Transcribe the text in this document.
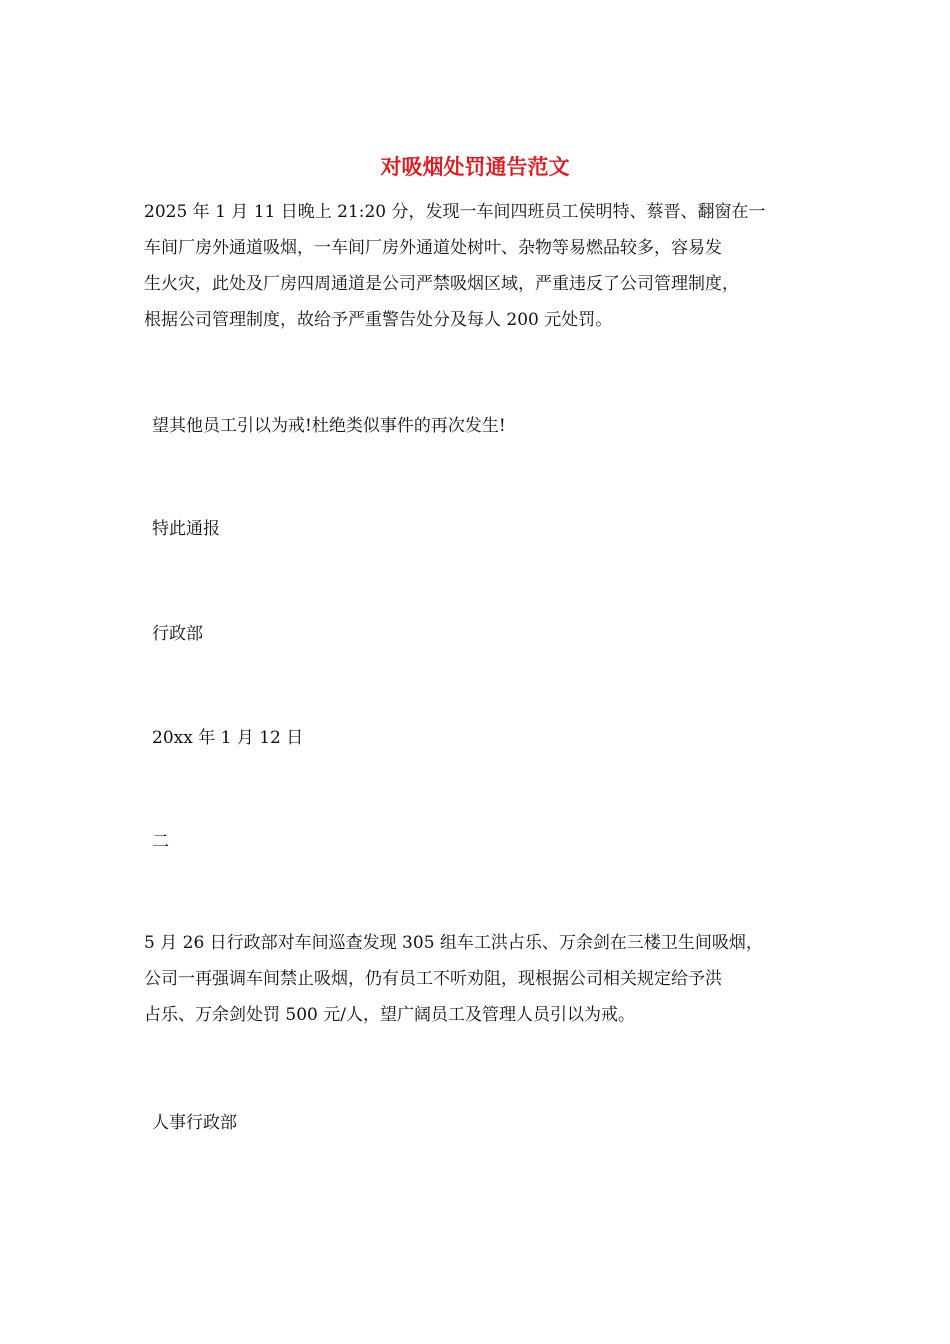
对吸烟处罚通告范文
2025 年 1 月 11 日晚上 21:20 分，发现一车间四班员工侯明特、蔡晋、翻窗在一
车间厂房外通道吸烟，一车间厂房外通道处树叶、杂物等易燃品较多，容易发
生火灾，此处及厂房四周通道是公司严禁吸烟区域，严重违反了公司管理制度，
根据公司管理制度，故给予严重警告处分及每人 200 元处罚。

望其他员工引以为戒!杜绝类似事件的再次发生!

特此通报

行政部

20xx 年 1 月 12 日

二

5 月 26 日行政部对车间巡查发现 305 组车工洪占乐、万余剑在三楼卫生间吸烟，
公司一再强调车间禁止吸烟，仍有员工不听劝阻，现根据公司相关规定给予洪
占乐、万余剑处罚 500 元/人，望广阔员工及管理人员引以为戒。

人事行政部
